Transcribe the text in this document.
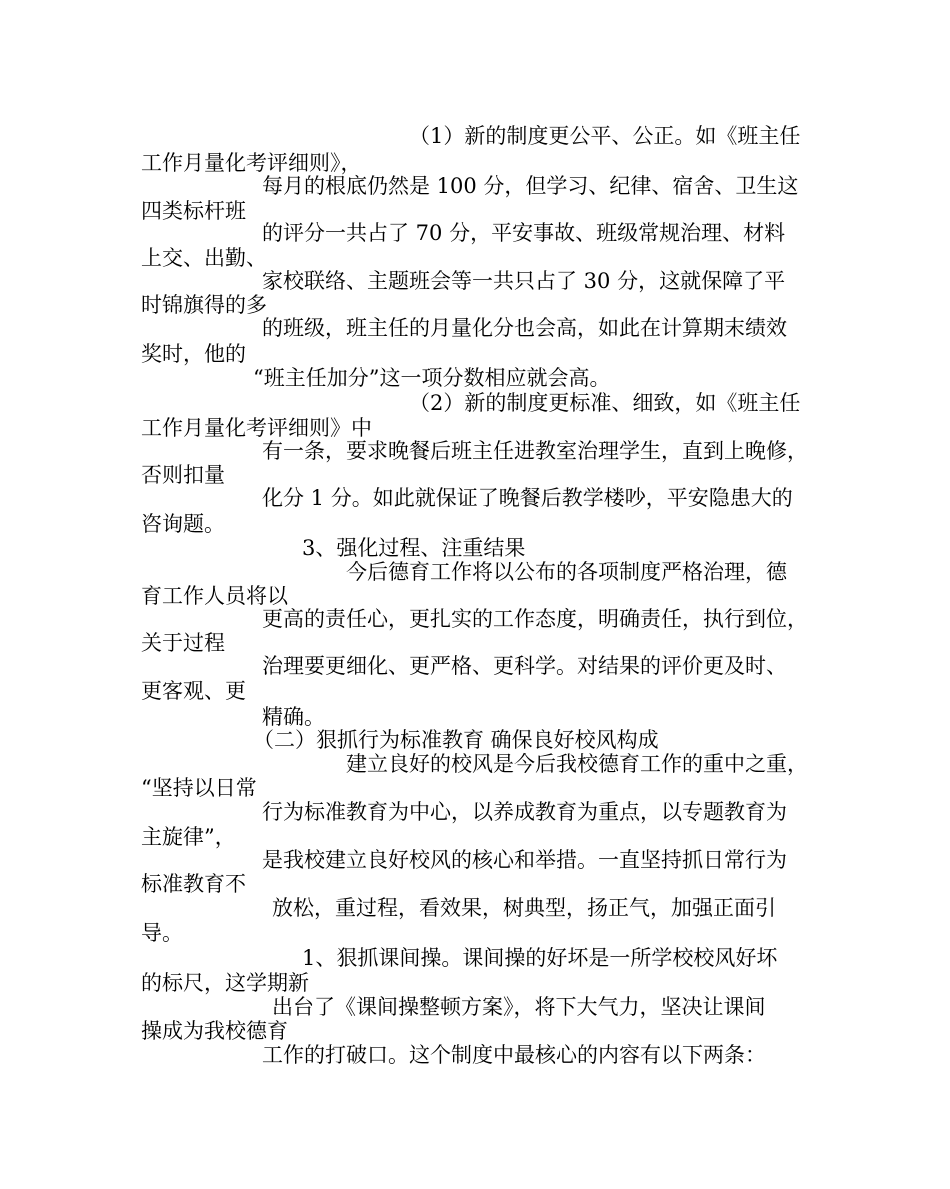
（1）新的制度更公平、公正。如《班主任

工作月量化考评细则》，

每月的根底仍然是 100 分，但学习、纪律、宿舍、卫生这

四类标杆班

的评分一共占了 70 分，平安事故、班级常规治理、材料

上交、出勤、

家校联络、主题班会等一共只占了 30 分，这就保障了平

时锦旗得的多

的班级，班主任的月量化分也会高，如此在计算期末绩效

奖时，他的

“班主任加分”这一项分数相应就会高。

（2）新的制度更标准、细致，如《班主任

工作月量化考评细则》中

有一条，要求晚餐后班主任进教室治理学生，直到上晚修，

否则扣量

化分 1 分。如此就保证了晚餐后教学楼吵，平安隐患大的

咨询题。

3、强化过程、注重结果

今后德育工作将以公布的各项制度严格治理，德

育工作人员将以

更高的责任心，更扎实的工作态度，明确责任，执行到位，

关于过程

治理要更细化、更严格、更科学。对结果的评价更及时、

更客观、更

精确。

（二）狠抓行为标准教育 确保良好校风构成

建立良好的校风是今后我校德育工作的重中之重，

“坚持以日常

行为标准教育为中心，以养成教育为重点，以专题教育为

主旋律”，

是我校建立良好校风的核心和举措。一直坚持抓日常行为

标准教育不

放松，重过程，看效果，树典型，扬正气，加强正面引

导。

1、狠抓课间操。课间操的好坏是一所学校校风好坏

的标尺，这学期新

出台了《课间操整顿方案》，将下大气力，坚决让课间

操成为我校德育

工作的打破口。这个制度中最核心的内容有以下两条：
